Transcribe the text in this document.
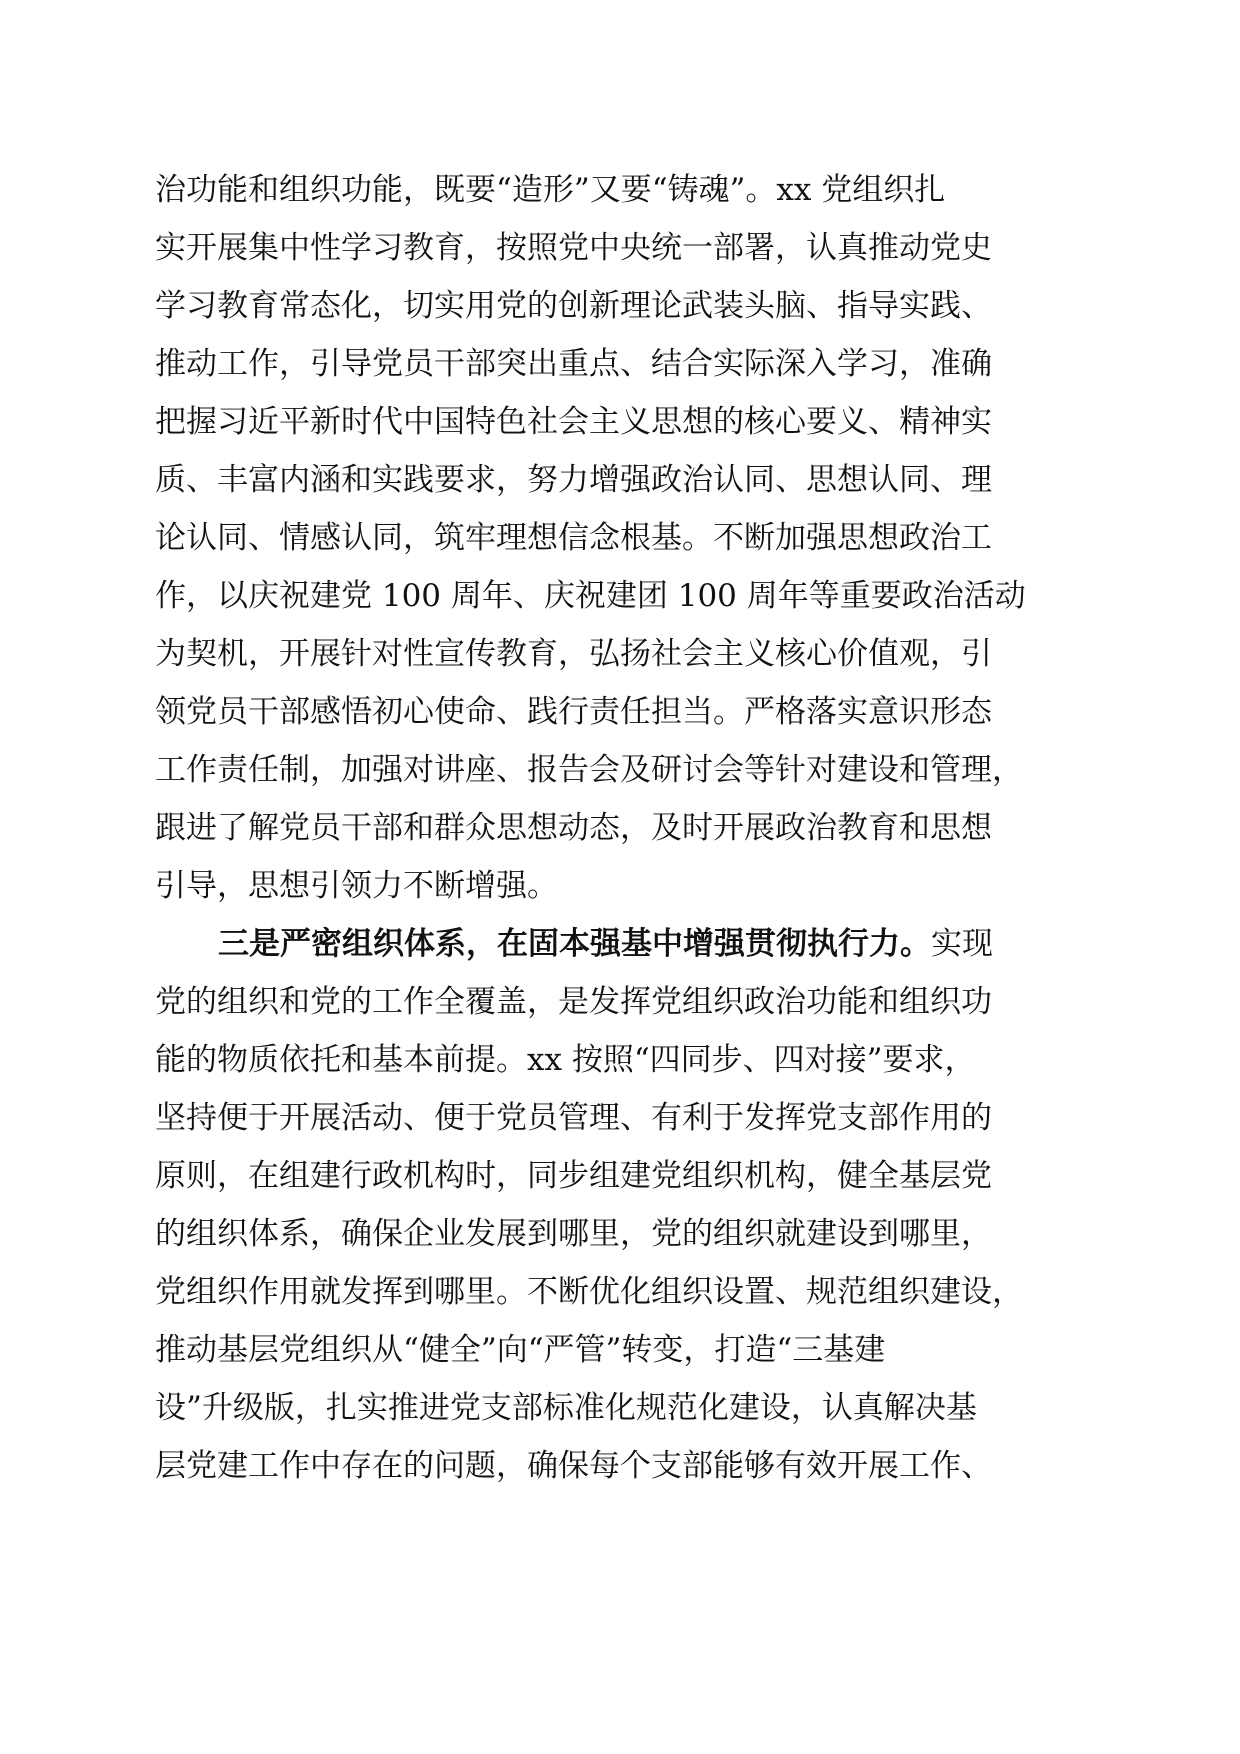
治功能和组织功能，既要“造形”又要“铸魂”。xx 党组织扎
实开展集中性学习教育，按照党中央统一部署，认真推动党史
学习教育常态化，切实用党的创新理论武装头脑、指导实践、
推动工作，引导党员干部突出重点、结合实际深入学习，准确
把握习近平新时代中国特色社会主义思想的核心要义、精神实
质、丰富内涵和实践要求，努力增强政治认同、思想认同、理
论认同、情感认同，筑牢理想信念根基。不断加强思想政治工
作，以庆祝建党 100 周年、庆祝建团 100 周年等重要政治活动
为契机，开展针对性宣传教育，弘扬社会主义核心价值观，引
领党员干部感悟初心使命、践行责任担当。严格落实意识形态
工作责任制，加强对讲座、报告会及研讨会等针对建设和管理，
跟进了解党员干部和群众思想动态，及时开展政治教育和思想
引导，思想引领力不断增强。
三是严密组织体系，在固本强基中增强贯彻执行力。实现
党的组织和党的工作全覆盖，是发挥党组织政治功能和组织功
能的物质依托和基本前提。xx 按照“四同步、四对接”要求，
坚持便于开展活动、便于党员管理、有利于发挥党支部作用的
原则，在组建行政机构时，同步组建党组织机构，健全基层党
的组织体系，确保企业发展到哪里，党的组织就建设到哪里，
党组织作用就发挥到哪里。不断优化组织设置、规范组织建设，
推动基层党组织从“健全”向“严管”转变，打造“三基建
设”升级版，扎实推进党支部标准化规范化建设，认真解决基
层党建工作中存在的问题，确保每个支部能够有效开展工作、
